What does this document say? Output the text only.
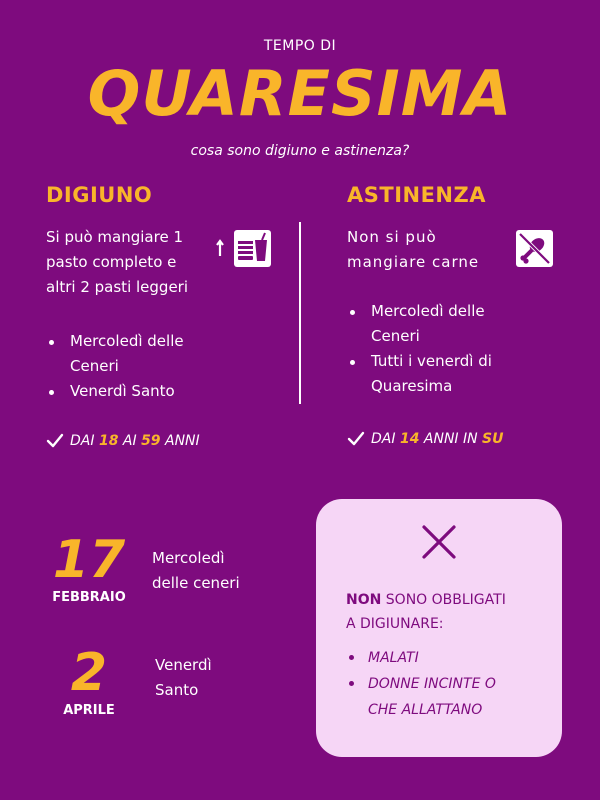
TEMPO DI
QUARESIMA
cosa sono digiuno e astinenza?
DIGIUNO
Si può mangiare 1
pasto completo e
altri 2 pasti leggeri
Mercoledì delle
Ceneri
Venerdì Santo
DAI 18 AI 59 ANNI
ASTINENZA
Non si può
mangiare carne
Mercoledì delle
Ceneri
Tutti i venerdì di
Quaresima
DAI 14 ANNI IN SU
17
FEBBRAIO
Mercoledì
delle ceneri
2
APRILE
Venerdì
Santo
NON SONO OBBLIGATI
A DIGIUNARE:
MALATI
DONNE INCINTE O
CHE ALLATTANO
